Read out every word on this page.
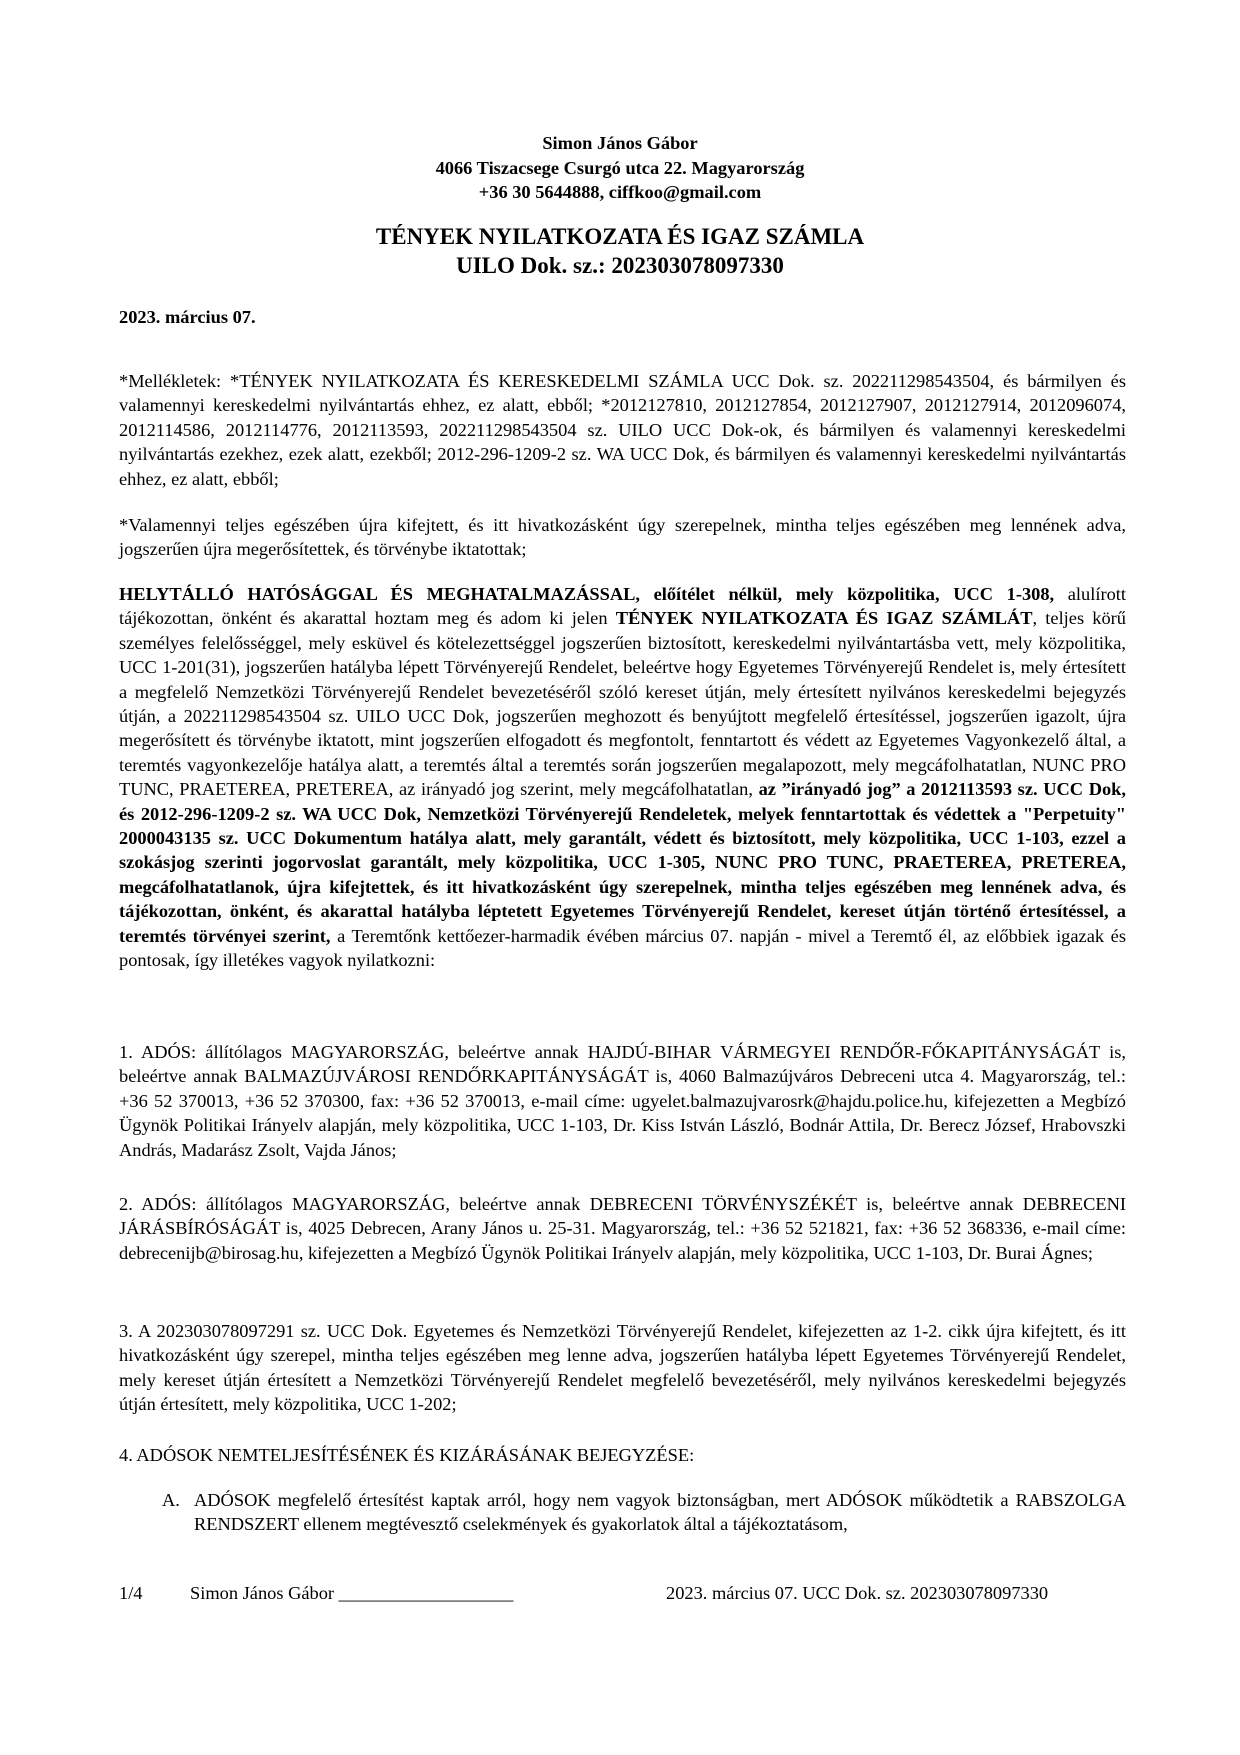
Simon János Gábor
4066 Tiszacsege Csurgó utca 22. Magyarország
+36 30 5644888, ciffkoo@gmail.com
TÉNYEK NYILATKOZATA ÉS IGAZ SZÁMLA
UILO Dok. sz.: 202303078097330
2023. március 07.

*Mellékletek: *TÉNYEK NYILATKOZATA ÉS KERESKEDELMI SZÁMLA UCC Dok. sz. 202211298543504, és bármilyen és valamennyi kereskedelmi nyilvántartás ehhez, ez alatt, ebből; *2012127810, 2012127854, 2012127907, 2012127914, 2012096074, 2012114586, 2012114776, 2012113593, 202211298543504 sz. UILO UCC Dok-ok, és bármilyen és valamennyi kereskedelmi nyilvántartás ezekhez, ezek alatt, ezekből; 2012-296-1209-2 sz. WA UCC Dok, és bármilyen és valamennyi kereskedelmi nyilvántartás ehhez, ez alatt, ebből;

*Valamennyi teljes egészében újra kifejtett, és itt hivatkozásként úgy szerepelnek, mintha teljes egészében meg lennének adva, jogszerűen újra megerősítettek, és törvénybe iktatottak;

HELYTÁLLÓ HATÓSÁGGAL ÉS MEGHATALMAZÁSSAL, előítélet nélkül, mely közpolitika, UCC 1-308, alulírott tájékozottan, önként és akarattal hoztam meg és adom ki jelen TÉNYEK NYILATKOZATA ÉS IGAZ SZÁMLÁT, teljes körű személyes felelősséggel, mely esküvel és kötelezettséggel jogszerűen biztosított, kereskedelmi nyilvántartásba vett, mely közpolitika, UCC 1-201(31), jogszerűen hatályba lépett Törvényerejű Rendelet, beleértve hogy Egyetemes Törvényerejű Rendelet is, mely értesített a megfelelő Nemzetközi Törvényerejű Rendelet bevezetéséről szóló kereset útján, mely értesített nyilvános kereskedelmi bejegyzés útján, a 202211298543504 sz. UILO UCC Dok, jogszerűen meghozott és benyújtott megfelelő értesítéssel, jogszerűen igazolt, újra megerősített és törvénybe iktatott, mint jogszerűen elfogadott és megfontolt, fenntartott és védett az Egyetemes Vagyonkezelő által, a teremtés vagyonkezelője hatálya alatt, a teremtés által a teremtés során jogszerűen megalapozott, mely megcáfolhatatlan, NUNC PRO TUNC, PRAETEREA, PRETEREA, az irányadó jog szerint, mely megcáfolhatatlan, az ”irányadó jog” a 2012113593 sz. UCC Dok, és 2012-296-1209-2 sz. WA UCC Dok, Nemzetközi Törvényerejű Rendeletek, melyek fenntartottak és védettek a "Perpetuity" 2000043135 sz. UCC Dokumentum hatálya alatt, mely garantált, védett és biztosított, mely közpolitika, UCC 1-103, ezzel a szokásjog szerinti jogorvoslat garantált, mely közpolitika, UCC 1-305, NUNC PRO TUNC, PRAETEREA, PRETEREA, megcáfolhatatlanok, újra kifejtettek, és itt hivatkozásként úgy szerepelnek, mintha teljes egészében meg lennének adva, és tájékozottan, önként, és akarattal hatályba léptetett Egyetemes Törvényerejű Rendelet, kereset útján történő értesítéssel, a teremtés törvényei szerint, a Teremtőnk kettőezer-harmadik évében március 07. napján - mivel a Teremtő él, az előbbiek igazak és pontosak, így illetékes vagyok nyilatkozni:

1. ADÓS: állítólagos MAGYARORSZÁG, beleértve annak HAJDÚ-BIHAR VÁRMEGYEI RENDŐR-FŐKAPITÁNYSÁGÁT is, beleértve annak BALMAZÚJVÁROSI RENDŐRKAPITÁNYSÁGÁT is, 4060 Balmazújváros Debreceni utca 4. Magyarország, tel.: +36 52 370013, +36 52 370300, fax: +36 52 370013, e-mail címe: ugyelet.balmazujvarosrk@hajdu.police.hu, kifejezetten a Megbízó Ügynök Politikai Irányelv alapján, mely közpolitika, UCC 1-103, Dr. Kiss István László, Bodnár Attila, Dr. Berecz József, Hrabovszki András, Madarász Zsolt, Vajda János;

2. ADÓS: állítólagos MAGYARORSZÁG, beleértve annak DEBRECENI TÖRVÉNYSZÉKÉT is, beleértve annak DEBRECENI JÁRÁSBÍRÓSÁGÁT is, 4025 Debrecen, Arany János u. 25-31. Magyarország, tel.: +36 52 521821, fax: +36 52 368336, e-mail címe: debrecenijb@birosag.hu, kifejezetten a Megbízó Ügynök Politikai Irányelv alapján, mely közpolitika, UCC 1-103, Dr. Burai Ágnes;

3. A 202303078097291 sz. UCC Dok. Egyetemes és Nemzetközi Törvényerejű Rendelet, kifejezetten az 1-2. cikk újra kifejtett, és itt hivatkozásként úgy szerepel, mintha teljes egészében meg lenne adva, jogszerűen hatályba lépett Egyetemes Törvényerejű Rendelet, mely kereset útján értesített a Nemzetközi Törvényerejű Rendelet megfelelő bevezetéséről, mely nyilvános kereskedelmi bejegyzés útján értesített, mely közpolitika, UCC 1-202;

4. ADÓSOK NEMTELJESÍTÉSÉNEK ÉS KIZÁRÁSÁNAK BEJEGYZÉSE:

A. ADÓSOK megfelelő értesítést kaptak arról, hogy nem vagyok biztonságban, mert ADÓSOK működtetik a RABSZOLGA RENDSZERT ellenem megtévesztő cselekmények és gyakorlatok által a tájékoztatásom,
1/4	Simon János Gábor ___________________	2023. március 07. UCC Dok. sz. 202303078097330
